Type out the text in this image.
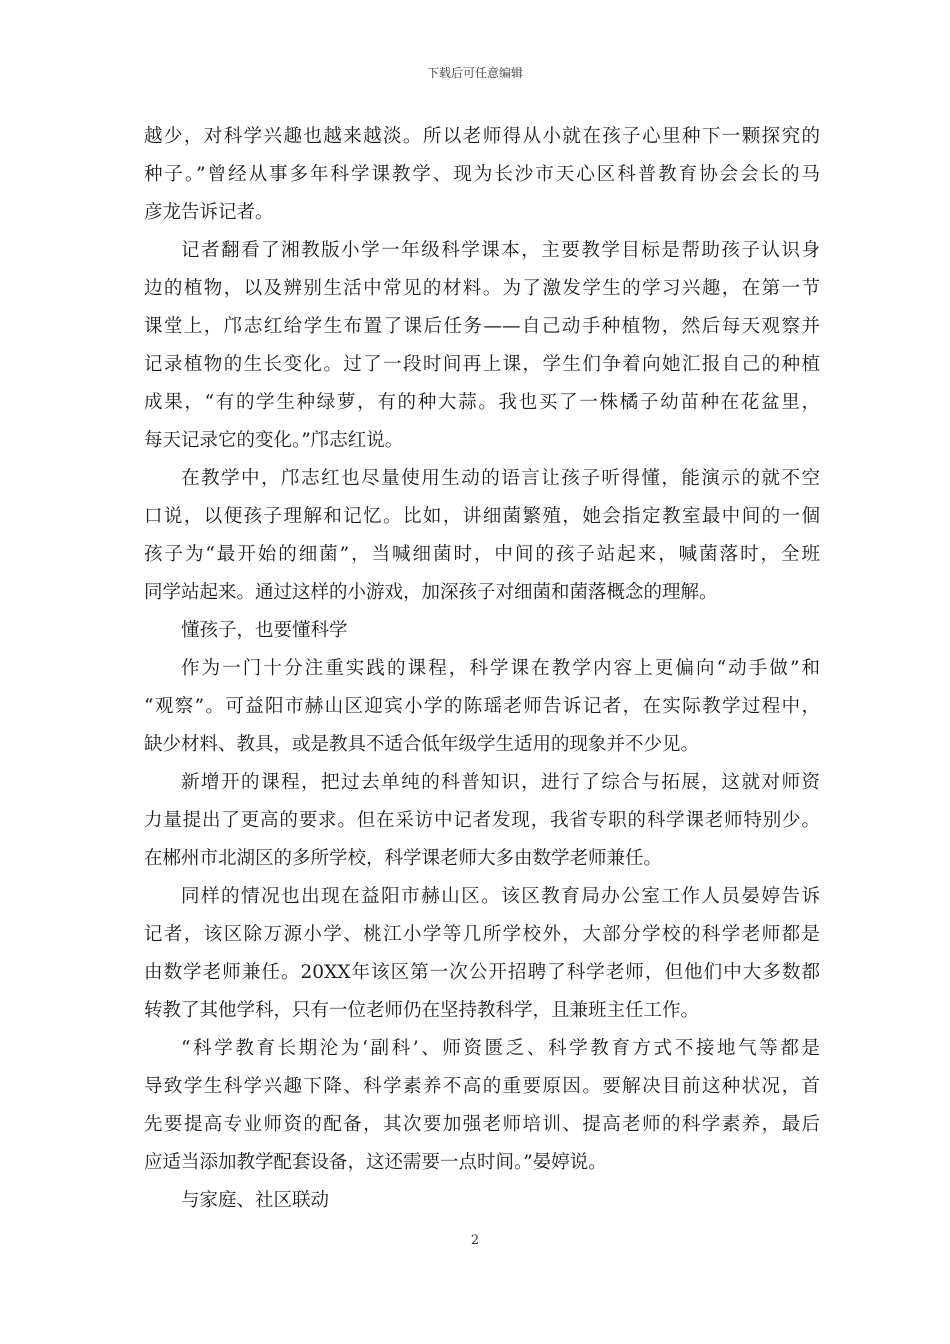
下载后可任意编辑
越少，对科学兴趣也越来越淡。所以老师得从小就在孩子心里种下一颗探究的
种子。”曾经从事多年科学课教学、现为长沙市天心区科普教育协会会长的马
彦龙告诉记者。
记者翻看了湘教版小学一年级科学课本，主要教学目标是帮助孩子认识身
边的植物，以及辨别生活中常见的材料。为了激发学生的学习兴趣，在第一节
课堂上，邝志红给学生布置了课后任务——自己动手种植物，然后每天观察并
记录植物的生长变化。过了一段时间再上课，学生们争着向她汇报自己的种植
成果，“有的学生种绿萝，有的种大蒜。我也买了一株橘子幼苗种在花盆里，
每天记录它的变化。”邝志红说。
在教学中，邝志红也尽量使用生动的语言让孩子听得懂，能演示的就不空
口说，以便孩子理解和记忆。比如，讲细菌繁殖，她会指定教室最中间的一個
孩子为“最开始的细菌”，当喊细菌时，中间的孩子站起来，喊菌落时，全班
同学站起来。通过这样的小游戏，加深孩子对细菌和菌落概念的理解。
懂孩子，也要懂科学
作为一门十分注重实践的课程，科学课在教学内容上更偏向“动手做”和
“观察”。可益阳市赫山区迎宾小学的陈瑶老师告诉记者，在实际教学过程中，
缺少材料、教具，或是教具不适合低年级学生适用的现象并不少见。
新增开的课程，把过去单纯的科普知识，进行了综合与拓展，这就对师资
力量提出了更高的要求。但在采访中记者发现，我省专职的科学课老师特别少。
在郴州市北湖区的多所学校，科学课老师大多由数学老师兼任。
同样的情况也出现在益阳市赫山区。该区教育局办公室工作人员晏婷告诉
记者，该区除万源小学、桃江小学等几所学校外，大部分学校的科学老师都是
由数学老师兼任。20XX年该区第一次公开招聘了科学老师，但他们中大多数都
转教了其他学科，只有一位老师仍在坚持教科学，且兼班主任工作。
“科学教育长期沦为‘副科’、师资匮乏、科学教育方式不接地气等都是
导致学生科学兴趣下降、科学素养不高的重要原因。要解决目前这种状况，首
先要提高专业师资的配备，其次要加强老师培训、提高老师的科学素养，最后
应适当添加教学配套设备，这还需要一点时间。”晏婷说。
与家庭、社区联动
2
